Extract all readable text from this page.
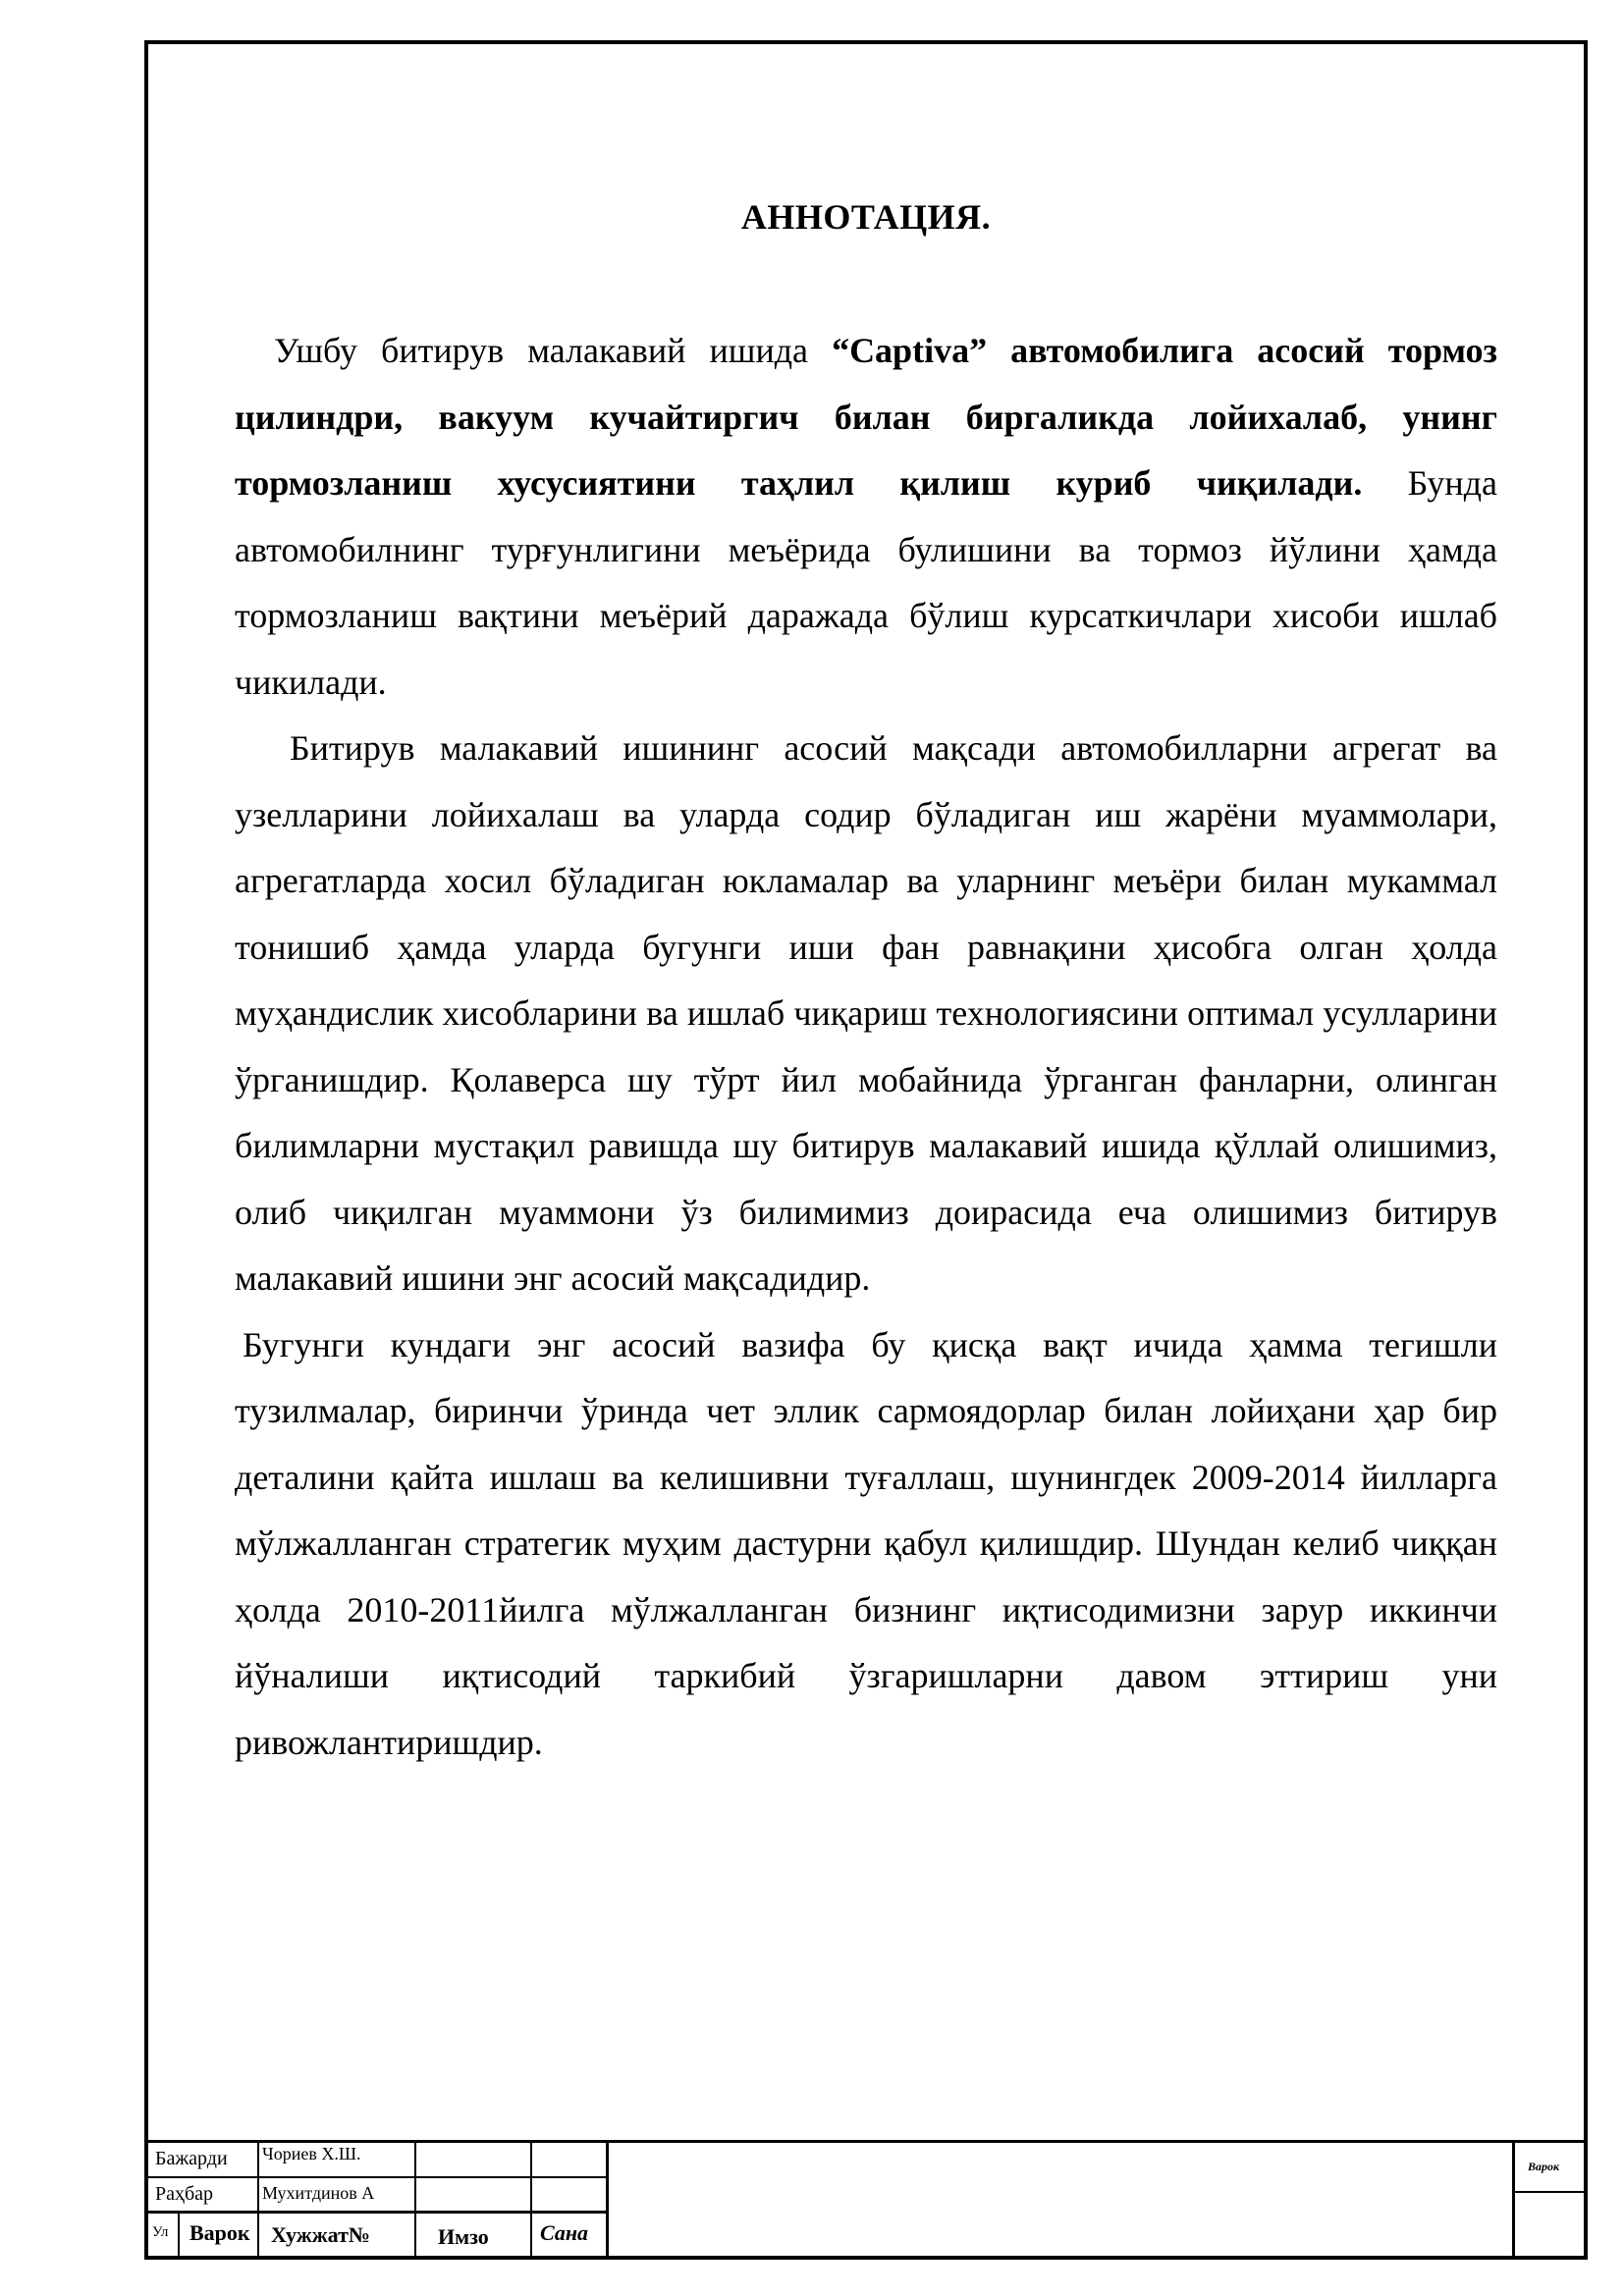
АННОТАЦИЯ.

Ушбу битирув малакавий ишида “Captiva” автомобилига асосий тормоз цилиндри, вакуум кучайтиргич билан биргаликда лойихалаб, унинг тормозланиш хусусиятини таҳлил қилиш куриб чиқилади. Бунда автомобилнинг турғунлигини меъёрида булишини ва тормоз йўлини ҳамда тормозланиш вақтини меъёрий даражада бўлиш курсаткичлари хисоби ишлаб чикилади.

Битирув малакавий ишининг асосий мақсади автомобилларни агрегат ва узелларини лойихалаш ва уларда содир бўладиган иш жарёни муаммолари, агрегатларда хосил бўладиган юкламалар ва уларнинг меъёри билан мукаммал тонишиб ҳамда уларда бугунги иши фан равнақини ҳисобга олган ҳолда муҳандислик хисобларини ва ишлаб чиқариш технологиясини оптимал усулларини ўрганишдир. Қолаверса шу тўрт йил мобайнида ўрганган фанларни, олинган билимларни мустақил равишда шу битирув малакавий ишида қўллай олишимиз, олиб чиқилган муаммони ўз билимимиз доирасида еча олишимиз битирув малакавий ишини энг асосий мақсадидир.

Бугунги кундаги энг асосий вазифа бу қисқа вақт ичида ҳамма тегишли тузилмалар, биринчи ўринда чет эллик сармоядорлар билан лойиҳани ҳар бир деталини қайта ишлаш ва келишивни туғаллаш, шунингдек 2009-2014 йилларга мўлжалланган стратегик муҳим дастурни қабул қилишдир. Шундан келиб чиққан ҳолда 2010-2011йилга мўлжалланган бизнинг иқтисодимизни зарур иккинчи йўналиши иқтисодий таркибий ўзгаришларни давом эттириш уни ривожлантиришдир.

Бажарди Чориев Х.Ш.
Раҳбар	Мухитдинов А
Ул Варок Хужжат№	Имзо Сана
Варок
